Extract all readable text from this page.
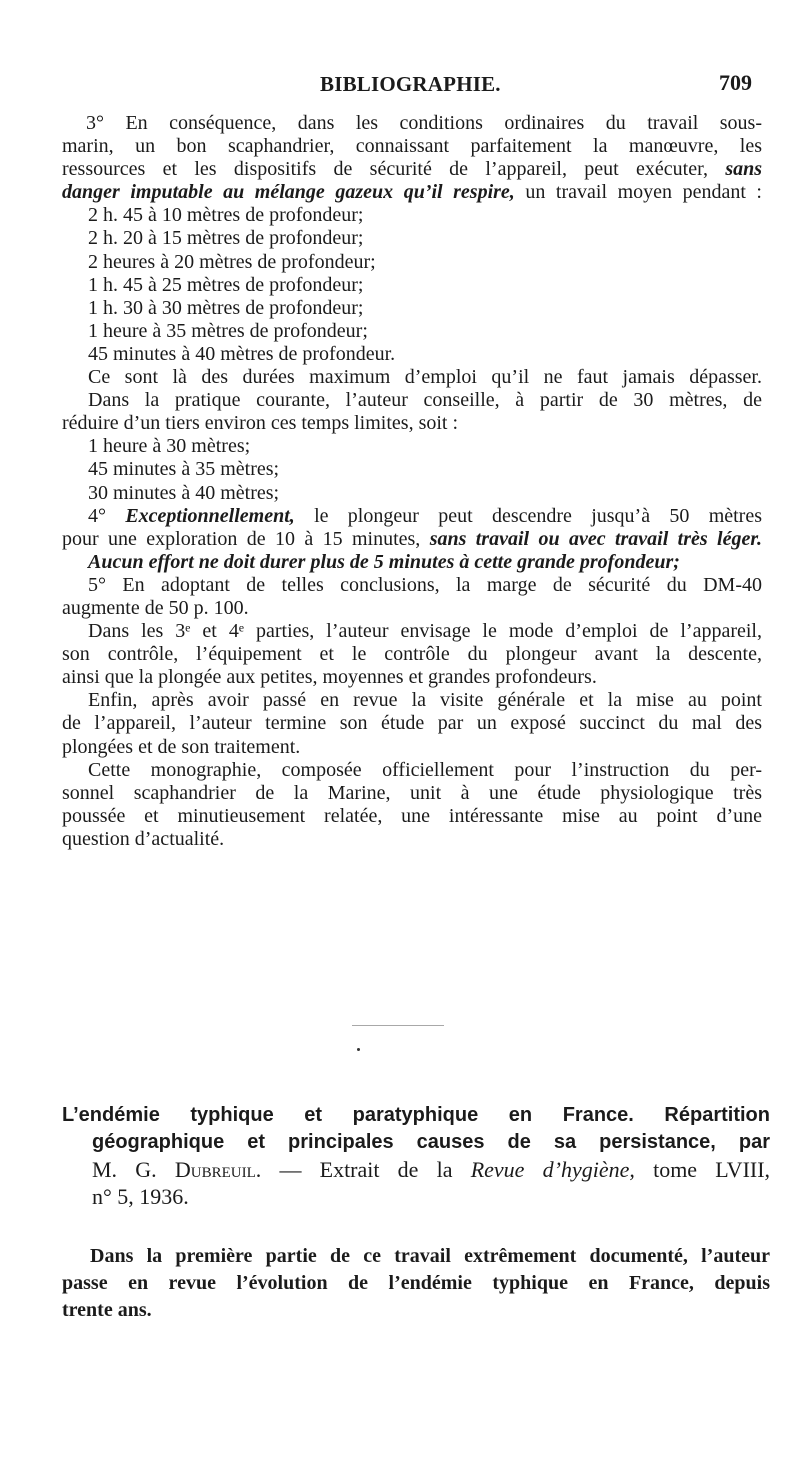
BIBLIOGRAPHIE.	709
3° En conséquence, dans les conditions ordinaires du travail sous-
marin, un bon scaphandrier, connaissant parfaitement la manœuvre, les
ressources et les dispositifs de sécurité de l’appareil, peut exécuter, sans
danger imputable au mélange gazeux qu’il respire, un travail moyen pendant :
2 h. 45 à 10 mètres de profondeur;
2 h. 20 à 15 mètres de profondeur;
2 heures à 20 mètres de profondeur;
1 h. 45 à 25 mètres de profondeur;
1 h. 30 à 30 mètres de profondeur;
1 heure à 35 mètres de profondeur;
45 minutes à 40 mètres de profondeur.
Ce sont là des durées maximum d’emploi qu’il ne faut jamais dépasser.
Dans la pratique courante, l’auteur conseille, à partir de 30 mètres, de
réduire d’un tiers environ ces temps limites, soit :
1 heure à 30 mètres;
45 minutes à 35 mètres;
30 minutes à 40 mètres;
4° Exceptionnellement, le plongeur peut descendre jusqu’à 50 mètres
pour une exploration de 10 à 15 minutes, sans travail ou avec travail très léger.
Aucun effort ne doit durer plus de 5 minutes à cette grande profondeur;
5° En adoptant de telles conclusions, la marge de sécurité du DM-40
augmente de 50 p. 100.
Dans les 3ᵉ et 4ᵉ parties, l’auteur envisage le mode d’emploi de l’appareil,
son contrôle, l’équipement et le contrôle du plongeur avant la descente,
ainsi que la plongée aux petites, moyennes et grandes profondeurs.
Enfin, après avoir passé en revue la visite générale et la mise au point
de l’appareil, l’auteur termine son étude par un exposé succinct du mal des
plongées et de son traitement.
Cette monographie, composée officiellement pour l’instruction du per-
sonnel scaphandrier de la Marine, unit à une étude physiologique très
poussée et minutieusement relatée, une intéressante mise au point d’une
question d’actualité.
L’endémie typhique et paratyphique en France. Répartition
géographique et principales causes de sa persistance, par
M. G. Dubreuil. — Extrait de la Revue d’hygiène, tome LVIII,
n° 5, 1936.
Dans la première partie de ce travail extrêmement documenté, l’auteur
passe en revue l’évolution de l’endémie typhique en France, depuis
trente ans.
